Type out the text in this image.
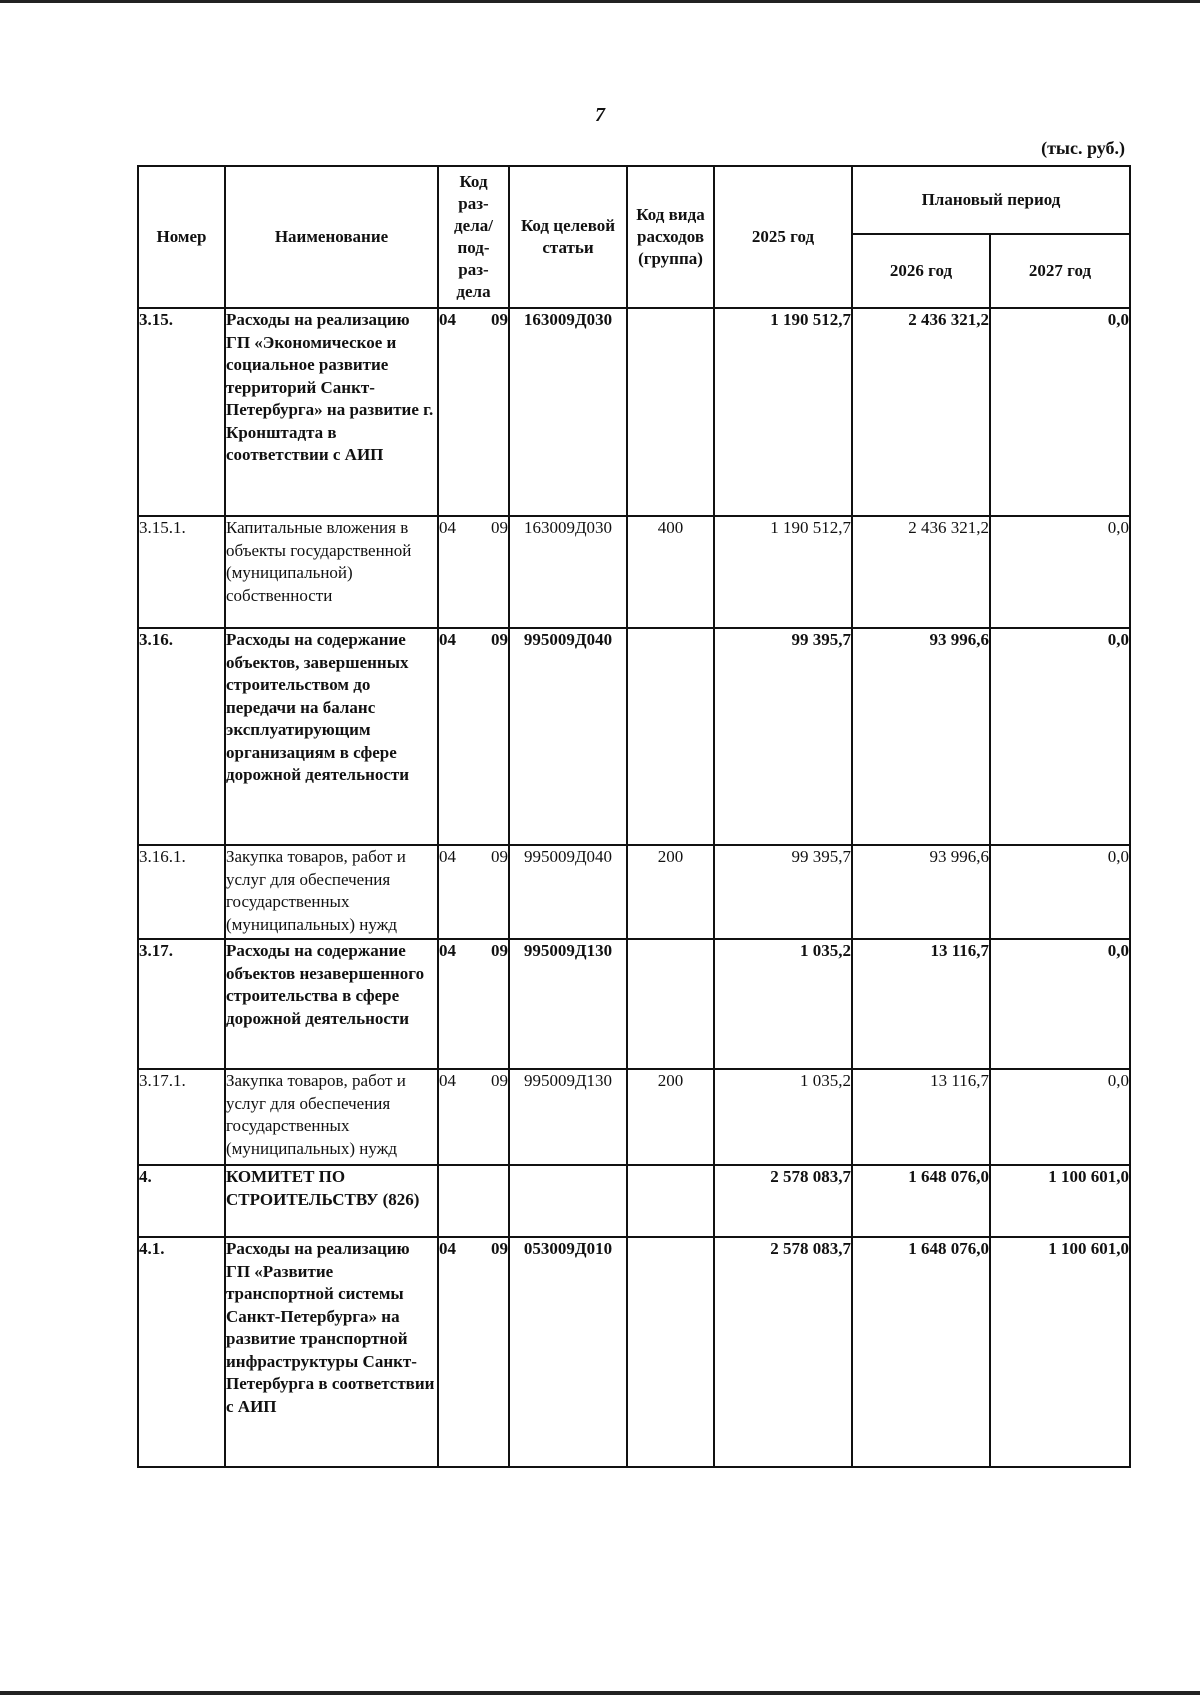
7
(тыс. руб.)
Номер	Наименование	Код раз-дела/ под-раз-дела	Код целевой статьи	Код вида расходов (группа)	2025 год	Плановый период	
						2026 год	2027 год
3.15.	Расходы на реализацию ГП «Экономическое и социальное развитие территорий Санкт-Петербурга» на развитие г. Кронштадта в соответствии с АИП	04 09	163009Д030		1 190 512,7	2 436 321,2	0,0
3.15.1.	Капитальные вложения в объекты государственной (муниципальной) собственности	04 09	163009Д030	400	1 190 512,7	2 436 321,2	0,0
3.16.	Расходы на содержание объектов, завершенных строительством до передачи на баланс эксплуатирующим организациям в сфере дорожной деятельности	04 09	995009Д040		99 395,7	93 996,6	0,0
3.16.1.	Закупка товаров, работ и услуг для обеспечения государственных (муниципальных) нужд	04 09	995009Д040	200	99 395,7	93 996,6	0,0
3.17.	Расходы на содержание объектов незавершенного строительства в сфере дорожной деятельности	04 09	995009Д130		1 035,2	13 116,7	0,0
3.17.1.	Закупка товаров, работ и услуг для обеспечения государственных (муниципальных) нужд	04 09	995009Д130	200	1 035,2	13 116,7	0,0
4.	КОМИТЕТ ПО СТРОИТЕЛЬСТВУ (826)				2 578 083,7	1 648 076,0	1 100 601,0
4.1.	Расходы на реализацию ГП «Развитие транспортной системы Санкт-Петербурга» на развитие транспортной инфраструктуры Санкт-Петербурга в соответствии с АИП	04 09	053009Д010		2 578 083,7	1 648 076,0	1 100 601,0
